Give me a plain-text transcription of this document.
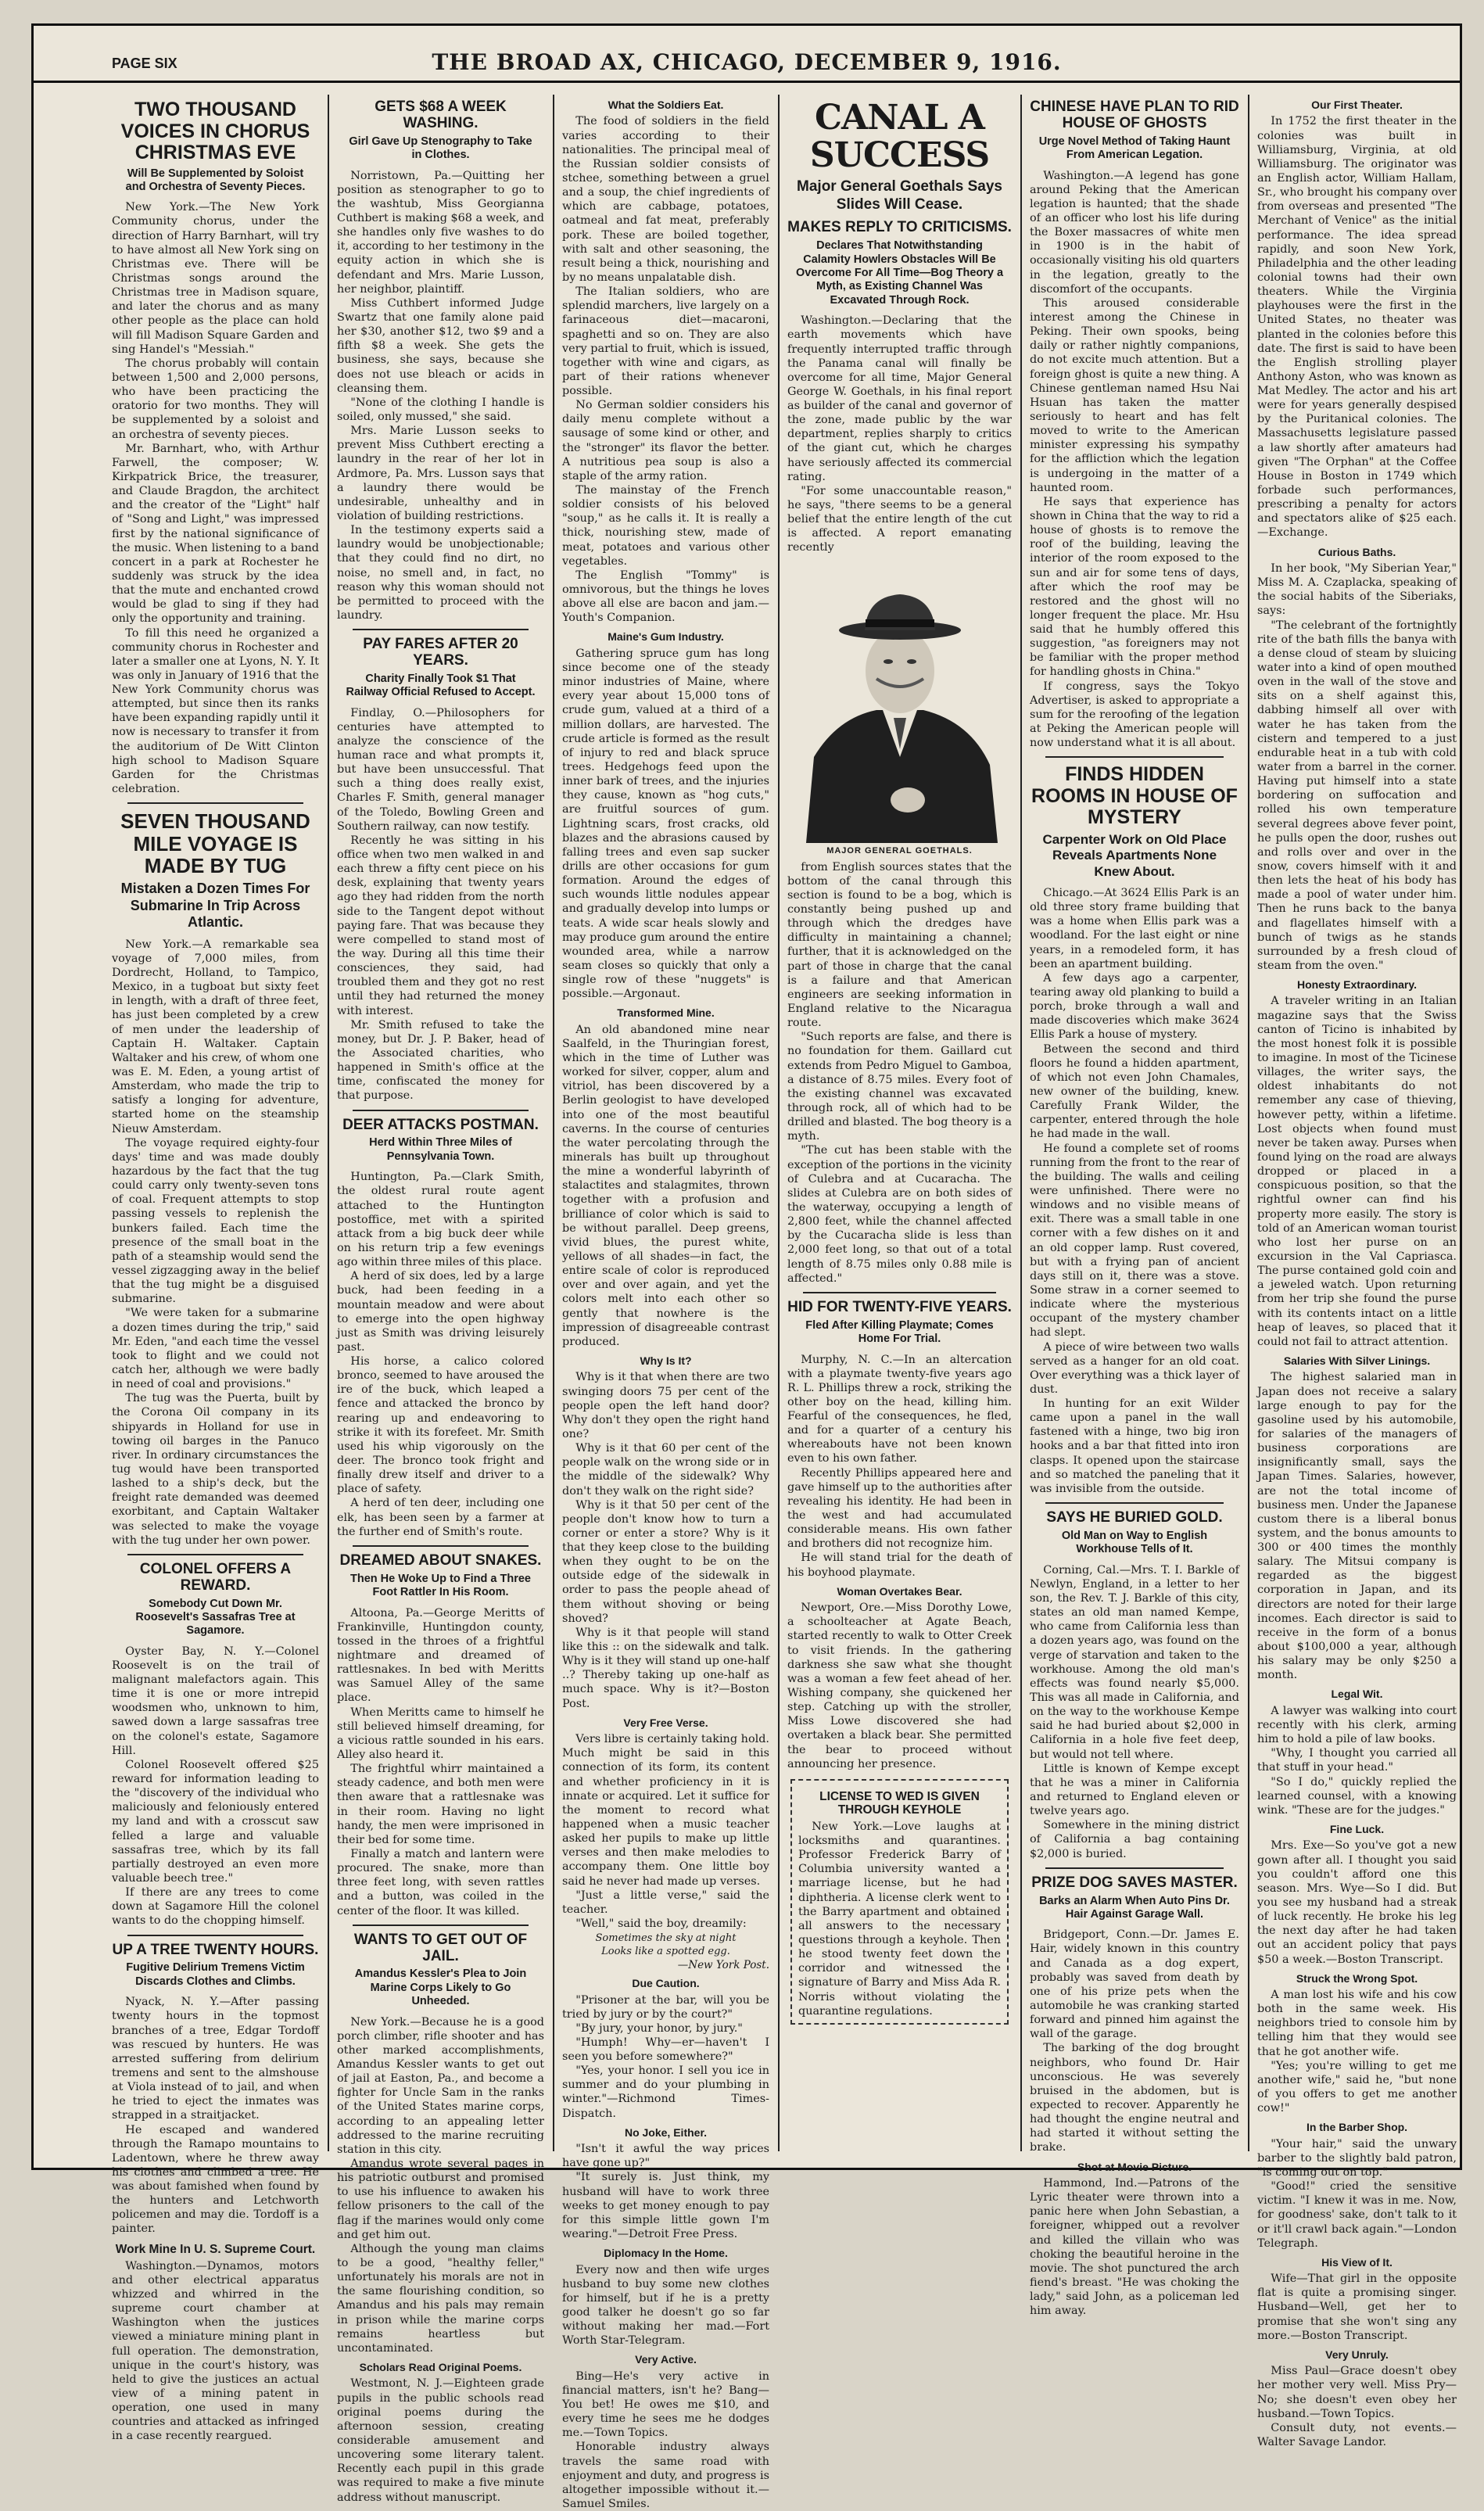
PAGE SIX	THE BROAD AX, CHICAGO, DECEMBER 9, 1916.
TWO THOUSAND VOICES IN CHORUS CHRISTMAS EVE
Will Be Supplemented by Soloist and Orchestra of Seventy Pieces.

New York.—The New York Community chorus, under the direction of Harry Barnhart, will try to have almost all New York sing on Christmas eve. There will be Christmas songs around the Christmas tree in Madison square, and later the chorus and as many other people as the place can hold will fill Madison Square Garden and sing Handel's "Messiah."

The chorus probably will contain between 1,500 and 2,000 persons, who have been practicing the oratorio for two months. They will be supplemented by a soloist and an orchestra of seventy pieces.

Mr. Barnhart, who, with Arthur Farwell, the composer; W. Kirkpatrick Brice, the treasurer, and Claude Bragdon, the architect and the creator of the "Light" half of "Song and Light," was impressed first by the national significance of the music. When listening to a band concert in a park at Rochester he suddenly was struck by the idea that the mute and enchanted crowd would be glad to sing if they had only the opportunity and training.

To fill this need he organized a community chorus in Rochester and later a smaller one at Lyons, N. Y. It was only in January of 1916 that the New York Community chorus was attempted, but since then its ranks have been expanding rapidly until it now is necessary to transfer it from the auditorium of De Witt Clinton high school to Madison Square Garden for the Christmas celebration.

SEVEN THOUSAND MILE VOYAGE IS MADE BY TUG
Mistaken a Dozen Times For Submarine In Trip Across Atlantic.

New York.—A remarkable sea voyage of 7,000 miles, from Dordrecht, Holland, to Tampico, Mexico, in a tugboat but sixty feet in length, with a draft of three feet, has just been completed by a crew of men under the leadership of Captain H. Waltaker. Captain Waltaker and his crew, of whom one was E. M. Eden, a young artist of Amsterdam, who made the trip to satisfy a longing for adventure, started home on the steamship Nieuw Amsterdam.

The voyage required eighty-four days' time and was made doubly hazardous by the fact that the tug could carry only twenty-seven tons of coal. Frequent attempts to stop passing vessels to replenish the bunkers failed. Each time the presence of the small boat in the path of a steamship would send the vessel zigzagging away in the belief that the tug might be a disguised submarine.

"We were taken for a submarine a dozen times during the trip," said Mr. Eden, "and each time the vessel took to flight and we could not catch her, although we were badly in need of coal and provisions."

The tug was the Puerta, built by the Corona Oil company in its shipyards in Holland for use in towing oil barges in the Panuco river. In ordinary circumstances the tug would have been transported lashed to a ship's deck, but the freight rate demanded was deemed exorbitant, and Captain Waltaker was selected to make the voyage with the tug under her own power.

COLONEL OFFERS A REWARD.
Somebody Cut Down Mr. Roosevelt's Sassafras Tree at Sagamore.

Oyster Bay, N. Y.—Colonel Roosevelt is on the trail of malignant malefactors again. This time it is one or more intrepid woodsmen who, unknown to him, sawed down a large sassafras tree on the colonel's estate, Sagamore Hill.

Colonel Roosevelt offered $25 reward for information leading to the "discovery of the individual who maliciously and feloniously entered my land and with a crosscut saw felled a large and valuable sassafras tree, which by its fall partially destroyed an even more valuable beech tree."

If there are any trees to come down at Sagamore Hill the colonel wants to do the chopping himself.

UP A TREE TWENTY HOURS.
Fugitive Delirium Tremens Victim Discards Clothes and Climbs.

Nyack, N. Y.—After passing twenty hours in the topmost branches of a tree, Edgar Tordoff was rescued by hunters. He was arrested suffering from delirium tremens and sent to the almshouse at Viola instead of to jail, and when he tried to eject the inmates was strapped in a straitjacket.

He escaped and wandered through the Ramapo mountains to Ladentown, where he threw away his clothes and climbed a tree. He was about famished when found by the hunters and Letchworth policemen and may die. Tordoff is a painter.

Work Mine In U. S. Supreme Court.

Washington.—Dynamos, motors and other electrical apparatus whizzed and whirred in the supreme court chamber at Washington when the justices viewed a miniature mining plant in full operation. The demonstration, unique in the court's history, was held to give the justices an actual view of a mining patent in operation, one used in many countries and attacked as infringed in a case recently reargued.

GETS $68 A WEEK WASHING.
Girl Gave Up Stenography to Take in Clothes.

Norristown, Pa.—Quitting her position as stenographer to go to the washtub, Miss Georgianna Cuthbert is making $68 a week, and she handles only five washes to do it, according to her testimony in the equity action in which she is defendant and Mrs. Marie Lusson, her neighbor, plaintiff.

Miss Cuthbert informed Judge Swartz that one family alone paid her $30, another $12, two $9 and a fifth $8 a week. She gets the business, she says, because she does not use bleach or acids in cleansing them.

"None of the clothing I handle is soiled, only mussed," she said.

Mrs. Marie Lusson seeks to prevent Miss Cuthbert erecting a laundry in the rear of her lot in Ardmore, Pa. Mrs. Lusson says that a laundry there would be undesirable, unhealthy and in violation of building restrictions.

In the testimony experts said a laundry would be unobjectionable; that they could find no dirt, no noise, no smell and, in fact, no reason why this woman should not be permitted to proceed with the laundry.

PAY FARES AFTER 20 YEARS.
Charity Finally Took $1 That Railway Official Refused to Accept.

Findlay, O.—Philosophers for centuries have attempted to analyze the conscience of the human race and what prompts it, but have been unsuccessful. That such a thing does really exist, Charles F. Smith, general manager of the Toledo, Bowling Green and Southern railway, can now testify.

Recently he was sitting in his office when two men walked in and each threw a fifty cent piece on his desk, explaining that twenty years ago they had ridden from the north side to the Tangent depot without paying fare. That was because they were compelled to stand most of the way. During all this time their consciences, they said, had troubled them and they got no rest until they had returned the money with interest.

Mr. Smith refused to take the money, but Dr. J. P. Baker, head of the Associated charities, who happened in Smith's office at the time, confiscated the money for that purpose.

DEER ATTACKS POSTMAN.
Herd Within Three Miles of Pennsylvania Town.

Huntington, Pa.—Clark Smith, the oldest rural route agent attached to the Huntington postoffice, met with a spirited attack from a big buck deer while on his return trip a few evenings ago within three miles of this place.

A herd of six does, led by a large buck, had been feeding in a mountain meadow and were about to emerge into the open highway just as Smith was driving leisurely past.

His horse, a calico colored bronco, seemed to have aroused the ire of the buck, which leaped a fence and attacked the bronco by rearing up and endeavoring to strike it with its forefeet. Mr. Smith used his whip vigorously on the deer. The bronco took fright and finally drew itself and driver to a place of safety.

A herd of ten deer, including one elk, has been seen by a farmer at the further end of Smith's route.

DREAMED ABOUT SNAKES.
Then He Woke Up to Find a Three Foot Rattler In His Room.

Altoona, Pa.—George Meritts of Frankinville, Huntingdon county, tossed in the throes of a frightful nightmare and dreamed of rattlesnakes. In bed with Meritts was Samuel Alley of the same place.

When Meritts came to himself he still believed himself dreaming, for a vicious rattle sounded in his ears. Alley also heard it.

The frightful whirr maintained a steady cadence, and both men were then aware that a rattlesnake was in their room. Having no light handy, the men were imprisoned in their bed for some time.

Finally a match and lantern were procured. The snake, more than three feet long, with seven rattles and a button, was coiled in the center of the floor. It was killed.

WANTS TO GET OUT OF JAIL.
Amandus Kessler's Plea to Join Marine Corps Likely to Go Unheeded.

New York.—Because he is a good porch climber, rifle shooter and has other marked accomplishments, Amandus Kessler wants to get out of jail at Easton, Pa., and become a fighter for Uncle Sam in the ranks of the United States marine corps, according to an appealing letter addressed to the marine recruiting station in this city.

Amandus wrote several pages in his patriotic outburst and promised to use his influence to awaken his fellow prisoners to the call of the flag if the marines would only come and get him out.

Although the young man claims to be a good, "healthy feller," unfortunately his morals are not in the same flourishing condition, so Amandus and his pals may remain in prison while the marine corps remains heartless but uncontaminated.

Scholars Read Original Poems.

Westmont, N. J.—Eighteen grade pupils in the public schools read original poems during the afternoon session, creating considerable amusement and uncovering some literary talent. Recently each pupil in this grade was required to make a five minute address without manuscript.

What the Soldiers Eat.

The food of soldiers in the field varies according to their nationalities. The principal meal of the Russian soldier consists of stchee, something between a gruel and a soup, the chief ingredients of which are cabbage, potatoes, oatmeal and fat meat, preferably pork. These are boiled together, with salt and other seasoning, the result being a thick, nourishing and by no means unpalatable dish.

The Italian soldiers, who are splendid marchers, live largely on a farinaceous diet—macaroni, spaghetti and so on. They are also very partial to fruit, which is issued, together with wine and cigars, as part of their rations whenever possible.

No German soldier considers his daily menu complete without a sausage of some kind or other, and the "stronger" its flavor the better. A nutritious pea soup is also a staple of the army ration.

The mainstay of the French soldier consists of his beloved "soup," as he calls it. It is really a thick, nourishing stew, made of meat, potatoes and various other vegetables.

The English "Tommy" is omnivorous, but the things he loves above all else are bacon and jam.—Youth's Companion.

Maine's Gum Industry.

Gathering spruce gum has long since become one of the steady minor industries of Maine, where every year about 15,000 tons of crude gum, valued at a third of a million dollars, are harvested. The crude article is formed as the result of injury to red and black spruce trees. Hedgehogs feed upon the inner bark of trees, and the injuries they cause, known as "hog cuts," are fruitful sources of gum. Lightning scars, frost cracks, old blazes and the abrasions caused by falling trees and even sap sucker drills are other occasions for gum formation. Around the edges of such wounds little nodules appear and gradually develop into lumps or teats. A wide scar heals slowly and may produce gum around the entire wounded area, while a narrow seam closes so quickly that only a single row of these "nuggets" is possible.—Argonaut.

Transformed Mine.

An old abandoned mine near Saalfeld, in the Thuringian forest, which in the time of Luther was worked for silver, copper, alum and vitriol, has been discovered by a Berlin geologist to have developed into one of the most beautiful caverns. In the course of centuries the water percolating through the minerals has built up throughout the mine a wonderful labyrinth of stalactites and stalagmites, thrown together with a profusion and brilliance of color which is said to be without parallel. Deep greens, vivid blues, the purest white, yellows of all shades—in fact, the entire scale of color is reproduced over and over again, and yet the colors melt into each other so gently that nowhere is the impression of disagreeable contrast produced.

Why Is It?

Why is it that when there are two swinging doors 75 per cent of the people open the left hand door? Why don't they open the right hand one?

Why is it that 60 per cent of the people walk on the wrong side or in the middle of the sidewalk? Why don't they walk on the right side?

Why is it that 50 per cent of the people don't know how to turn a corner or enter a store? Why is it that they keep close to the building when they ought to be on the outside edge of the sidewalk in order to pass the people ahead of them without shoving or being shoved?

Why is it that people will stand like this :: on the sidewalk and talk. Why is it they will stand up one-half ..? Thereby taking up one-half as much space. Why is it?—Boston Post.

Very Free Verse.

Vers libre is certainly taking hold. Much might be said in this connection of its form, its content and whether proficiency in it is innate or acquired. Let it suffice for the moment to record what happened when a music teacher asked her pupils to make up little verses and then make melodies to accompany them. One little boy said he never had made up verses.

"Just a little verse," said the teacher.

"Well," said the boy, dreamily:

Sometimes the sky at night
Looks like a spotted egg.
—New York Post.
Due Caution.

"Prisoner at the bar, will you be tried by jury or by the court?"

"By jury, your honor, by jury."

"Humph! Why—er—haven't I seen you before somewhere?"

"Yes, your honor. I sell you ice in summer and do your plumbing in winter."—Richmond Times-Dispatch.

No Joke, Either.

"Isn't it awful the way prices have gone up?"

"It surely is. Just think, my husband will have to work three weeks to get money enough to pay for this simple little gown I'm wearing."—Detroit Free Press.

Diplomacy In the Home.

Every now and then wife urges husband to buy some new clothes for himself, but if he is a pretty good talker he doesn't go so far without making her mad.—Fort Worth Star-Telegram.

Very Active.

Bing—He's very active in financial matters, isn't he? Bang—You bet! He owes me $10, and every time he sees me he dodges me.—Town Topics.

Honorable industry always travels the same road with enjoyment and duty, and progress is altogether impossible without it.—Samuel Smiles.

CANAL A SUCCESS
Major General Goethals Says Slides Will Cease.
MAKES REPLY TO CRITICISMS.
Declares That Notwithstanding Calamity Howlers Obstacles Will Be Overcome For All Time—Bog Theory a Myth, as Existing Channel Was Excavated Through Rock.

Washington.—Declaring that the earth movements which have frequently interrupted traffic through the Panama canal will finally be overcome for all time, Major General George W. Goethals, in his final report as builder of the canal and governor of the zone, made public by the war department, replies sharply to critics of the giant cut, which he charges have seriously affected its commercial rating.

"For some unaccountable reason," he says, "there seems to be a general belief that the entire length of the cut is affected. A report emanating recently

MAJOR GENERAL GOETHALS.

from English sources states that the bottom of the canal through this section is found to be a bog, which is constantly being pushed up and through which the dredges have difficulty in maintaining a channel; further, that it is acknowledged on the part of those in charge that the canal is a failure and that American engineers are seeking information in England relative to the Nicaragua route.

"Such reports are false, and there is no foundation for them. Gaillard cut extends from Pedro Miguel to Gamboa, a distance of 8.75 miles. Every foot of the existing channel was excavated through rock, all of which had to be drilled and blasted. The bog theory is a myth.

"The cut has been stable with the exception of the portions in the vicinity of Culebra and at Cucaracha. The slides at Culebra are on both sides of the waterway, occupying a length of 2,800 feet, while the channel affected by the Cucaracha slide is less than 2,000 feet long, so that out of a total length of 8.75 miles only 0.88 mile is affected."

HID FOR TWENTY-FIVE YEARS.
Fled After Killing Playmate; Comes Home For Trial.

Murphy, N. C.—In an altercation with a playmate twenty-five years ago R. L. Phillips threw a rock, striking the other boy on the head, killing him. Fearful of the consequences, he fled, and for a quarter of a century his whereabouts have not been known even to his own father.

Recently Phillips appeared here and gave himself up to the authorities after revealing his identity. He had been in the west and had accumulated considerable means. His own father and brothers did not recognize him.

He will stand trial for the death of his boyhood playmate.

Woman Overtakes Bear.

Newport, Ore.—Miss Dorothy Lowe, a schoolteacher at Agate Beach, started recently to walk to Otter Creek to visit friends. In the gathering darkness she saw what she thought was a woman a few feet ahead of her. Wishing company, she quickened her step. Catching up with the stroller, Miss Lowe discovered she had overtaken a black bear. She permitted the bear to proceed without announcing her presence.

LICENSE TO WED IS GIVEN THROUGH KEYHOLE

New York.—Love laughs at locksmiths and quarantines. Professor Frederick Barry of Columbia university wanted a marriage license, but he had diphtheria. A license clerk went to the Barry apartment and obtained all answers to the necessary questions through a keyhole. Then he stood twenty feet down the corridor and witnessed the signature of Barry and Miss Ada R. Norris without violating the quarantine regulations.

CHINESE HAVE PLAN TO RID HOUSE OF GHOSTS
Urge Novel Method of Taking Haunt From American Legation.

Washington.—A legend has gone around Peking that the American legation is haunted; that the shade of an officer who lost his life during the Boxer massacres of white men in 1900 is in the habit of occasionally visiting his old quarters in the legation, greatly to the discomfort of the occupants.

This aroused considerable interest among the Chinese in Peking. Their own spooks, being daily or rather nightly companions, do not excite much attention. But a foreign ghost is quite a new thing. A Chinese gentleman named Hsu Nai Hsuan has taken the matter seriously to heart and has felt moved to write to the American minister expressing his sympathy for the affliction which the legation is undergoing in the matter of a haunted room.

He says that experience has shown in China that the way to rid a house of ghosts is to remove the roof of the building, leaving the interior of the room exposed to the sun and air for some tens of days, after which the roof may be restored and the ghost will no longer frequent the place. Mr. Hsu said that he humbly offered this suggestion, "as foreigners may not be familiar with the proper method for handling ghosts in China."

If congress, says the Tokyo Advertiser, is asked to appropriate a sum for the reroofing of the legation at Peking the American people will now understand what it is all about.

FINDS HIDDEN ROOMS IN HOUSE OF MYSTERY
Carpenter Work on Old Place Reveals Apartments None Knew About.

Chicago.—At 3624 Ellis Park is an old three story frame building that was a home when Ellis park was a woodland. For the last eight or nine years, in a remodeled form, it has been an apartment building.

A few days ago a carpenter, tearing away old planking to build a porch, broke through a wall and made discoveries which make 3624 Ellis Park a house of mystery.

Between the second and third floors he found a hidden apartment, of which not even John Chamales, new owner of the building, knew. Carefully Frank Wilder, the carpenter, entered through the hole he had made in the wall.

He found a complete set of rooms running from the front to the rear of the building. The walls and ceiling were unfinished. There were no windows and no visible means of exit. There was a small table in one corner with a few dishes on it and an old copper lamp. Rust covered, but with a frying pan of ancient days still on it, there was a stove. Some straw in a corner seemed to indicate where the mysterious occupant of the mystery chamber had slept.

A piece of wire between two walls served as a hanger for an old coat. Over everything was a thick layer of dust.

In hunting for an exit Wilder came upon a panel in the wall fastened with a hinge, two big iron hooks and a bar that fitted into iron clasps. It opened upon the staircase and so matched the paneling that it was invisible from the outside.

SAYS HE BURIED GOLD.
Old Man on Way to English Workhouse Tells of It.

Corning, Cal.—Mrs. T. I. Barkle of Newlyn, England, in a letter to her son, the Rev. T. J. Barkle of this city, states an old man named Kempe, who came from California less than a dozen years ago, was found on the verge of starvation and taken to the workhouse. Among the old man's effects was found nearly $5,000. This was all made in California, and on the way to the workhouse Kempe said he had buried about $2,000 in California in a hole five feet deep, but would not tell where.

Little is known of Kempe except that he was a miner in California and returned to England eleven or twelve years ago.

Somewhere in the mining district of California a bag containing $2,000 is buried.

PRIZE DOG SAVES MASTER.
Barks an Alarm When Auto Pins Dr. Hair Against Garage Wall.

Bridgeport, Conn.—Dr. James E. Hair, widely known in this country and Canada as a dog expert, probably was saved from death by one of his prize pets when the automobile he was cranking started forward and pinned him against the wall of the garage.

The barking of the dog brought neighbors, who found Dr. Hair unconscious. He was severely bruised in the abdomen, but is expected to recover. Apparently he had thought the engine neutral and had started it without setting the brake.

Shot at Movie Picture.

Hammond, Ind.—Patrons of the Lyric theater were thrown into a panic here when John Sebastian, a foreigner, whipped out a revolver and killed the villain who was choking the beautiful heroine in the movie. The shot punctured the arch fiend's breast. "He was choking the lady," said John, as a policeman led him away.

Our First Theater.

In 1752 the first theater in the colonies was built in Williamsburg, Virginia, at old Williamsburg. The originator was an English actor, William Hallam, Sr., who brought his company over from overseas and presented "The Merchant of Venice" as the initial performance. The idea spread rapidly, and soon New York, Philadelphia and the other leading colonial towns had their own theaters. While the Virginia playhouses were the first in the United States, no theater was planted in the colonies before this date. The first is said to have been the English strolling player Anthony Aston, who was known as Mat Medley. The actor and his art were for years generally despised by the Puritanical colonies. The Massachusetts legislature passed a law shortly after amateurs had given "The Orphan" at the Coffee House in Boston in 1749 which forbade such performances, prescribing a penalty for actors and spectators alike of $25 each.—Exchange.

Curious Baths.

In her book, "My Siberian Year," Miss M. A. Czaplacka, speaking of the social habits of the Siberiaks, says:

"The celebrant of the fortnightly rite of the bath fills the banya with a dense cloud of steam by sluicing water into a kind of open mouthed oven in the wall of the stove and sits on a shelf against this, dabbing himself all over with water he has taken from the cistern and tempered to a just endurable heat in a tub with cold water from a barrel in the corner. Having put himself into a state bordering on suffocation and rolled his own temperature several degrees above fever point, he pulls open the door, rushes out and rolls over and over in the snow, covers himself with it and then lets the heat of his body has made a pool of water under him. Then he runs back to the banya and flagellates himself with a bunch of twigs as he stands surrounded by a fresh cloud of steam from the oven."

Honesty Extraordinary.

A traveler writing in an Italian magazine says that the Swiss canton of Ticino is inhabited by the most honest folk it is possible to imagine. In most of the Ticinese villages, the writer says, the oldest inhabitants do not remember any case of thieving, however petty, within a lifetime. Lost objects when found must never be taken away. Purses when found lying on the road are always dropped or placed in a conspicuous position, so that the rightful owner can find his property more easily. The story is told of an American woman tourist who lost her purse on an excursion in the Val Capriasca. The purse contained gold coin and a jeweled watch. Upon returning from her trip she found the purse with its contents intact on a little heap of leaves, so placed that it could not fail to attract attention.

Salaries With Silver Linings.

The highest salaried man in Japan does not receive a salary large enough to pay for the gasoline used by his automobile, for salaries of the managers of business corporations are insignificantly small, says the Japan Times. Salaries, however, are not the total income of business men. Under the Japanese custom there is a liberal bonus system, and the bonus amounts to 300 or 400 times the monthly salary. The Mitsui company is regarded as the biggest corporation in Japan, and its directors are noted for their large incomes. Each director is said to receive in the form of a bonus about $100,000 a year, although his salary may be only $250 a month.

Legal Wit.

A lawyer was walking into court recently with his clerk, arming him to hold a pile of law books.

"Why, I thought you carried all that stuff in your head."

"So I do," quickly replied the learned counsel, with a knowing wink. "These are for the judges."

Fine Luck.

Mrs. Exe—So you've got a new gown after all. I thought you said you couldn't afford one this season. Mrs. Wye—So I did. But you see my husband had a streak of luck recently. He broke his leg the next day after he had taken out an accident policy that pays $50 a week.—Boston Transcript.

Struck the Wrong Spot.

A man lost his wife and his cow both in the same week. His neighbors tried to console him by telling him that they would see that he got another wife.

"Yes; you're willing to get me another wife," said he, "but none of you offers to get me another cow!"

In the Barber Shop.

"Your hair," said the unwary barber to the slightly bald patron, "is coming out on top."

"Good!" cried the sensitive victim. "I knew it was in me. Now, for goodness' sake, don't talk to it or it'll crawl back again."—London Telegraph.

His View of It.

Wife—That girl in the opposite flat is quite a promising singer. Husband—Well, get her to promise that she won't sing any more.—Boston Transcript.

Very Unruly.

Miss Paul—Grace doesn't obey her mother very well. Miss Pry—No; she doesn't even obey her husband.—Town Topics.

Consult duty, not events.—Walter Savage Landor.
